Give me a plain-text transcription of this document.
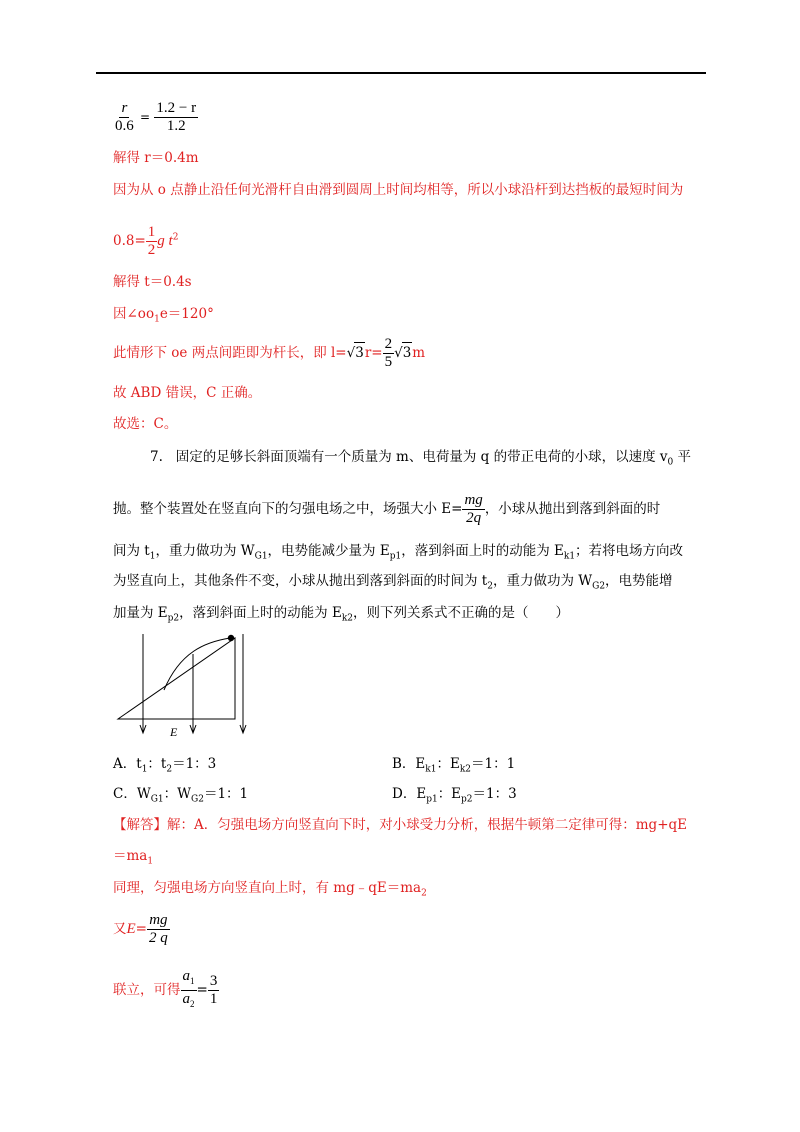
$\frac{r}{0.6} = \frac{1.2 - r}{1.2}$
解得 r＝0.4m
因为从 o 点静止沿任何光滑杆自由滑到圆周上时间均相等，所以小球沿杆到达挡板的最短时间为
$0.8= \frac{1}{2}$ g $t^2$
解得 t＝0.4s
因$\angle oo_1e=120^\circ$
此情形下 oe 两点间距即为杆长，即 $l=√3r= \frac{2}{5} √3m$
故 ABD 错误，C 正确。
故选：C。
7. 固定的足够长斜面顶端有一个质量为 m、电荷量为 q 的带正电荷的小球，以速度 $v_0$ 平
抛。整个装置处在竖直向下的匀强电场之中，场强大小 $E= \frac{mg}{2q}$ ，小球从抛出到落到斜面的时
间为 $t_1$，重力做功为 $W_{G1}$，电势能减少量为 $E_{p1}$，落到斜面上时的动能为 $E_{k1}$；若将电场方向改
为竖直向上，其他条件不变，小球从抛出到落到斜面的时间为 $t_2$，重力做功为 $W_{G2}$，电势能增
加量为 $E_{p2}$，落到斜面上时的动能为 $E_{k2}$，则下列关系式不正确的是（　　）
E
A．$t_1$：$t_2=1$：3	B．$E_{k1}$：$E_{k2}=1$：1
C．$W_{G1}$：$W_{G2}=1$：1	D．$E_{p1}$：$E_{p2}=1$：3
【解答】解：A．匀强电场方向竖直向下时，对小球受力分析，根据牛顿第二定律可得：mg+qE
$=ma_1$
同理，匀强电场方向竖直向上时，有 $mg﹣qE=ma_2$
又$E= \frac{mg}{2 q}$
联立，可得 $\frac{a_1}{a_2} = \frac{3}{1}$
